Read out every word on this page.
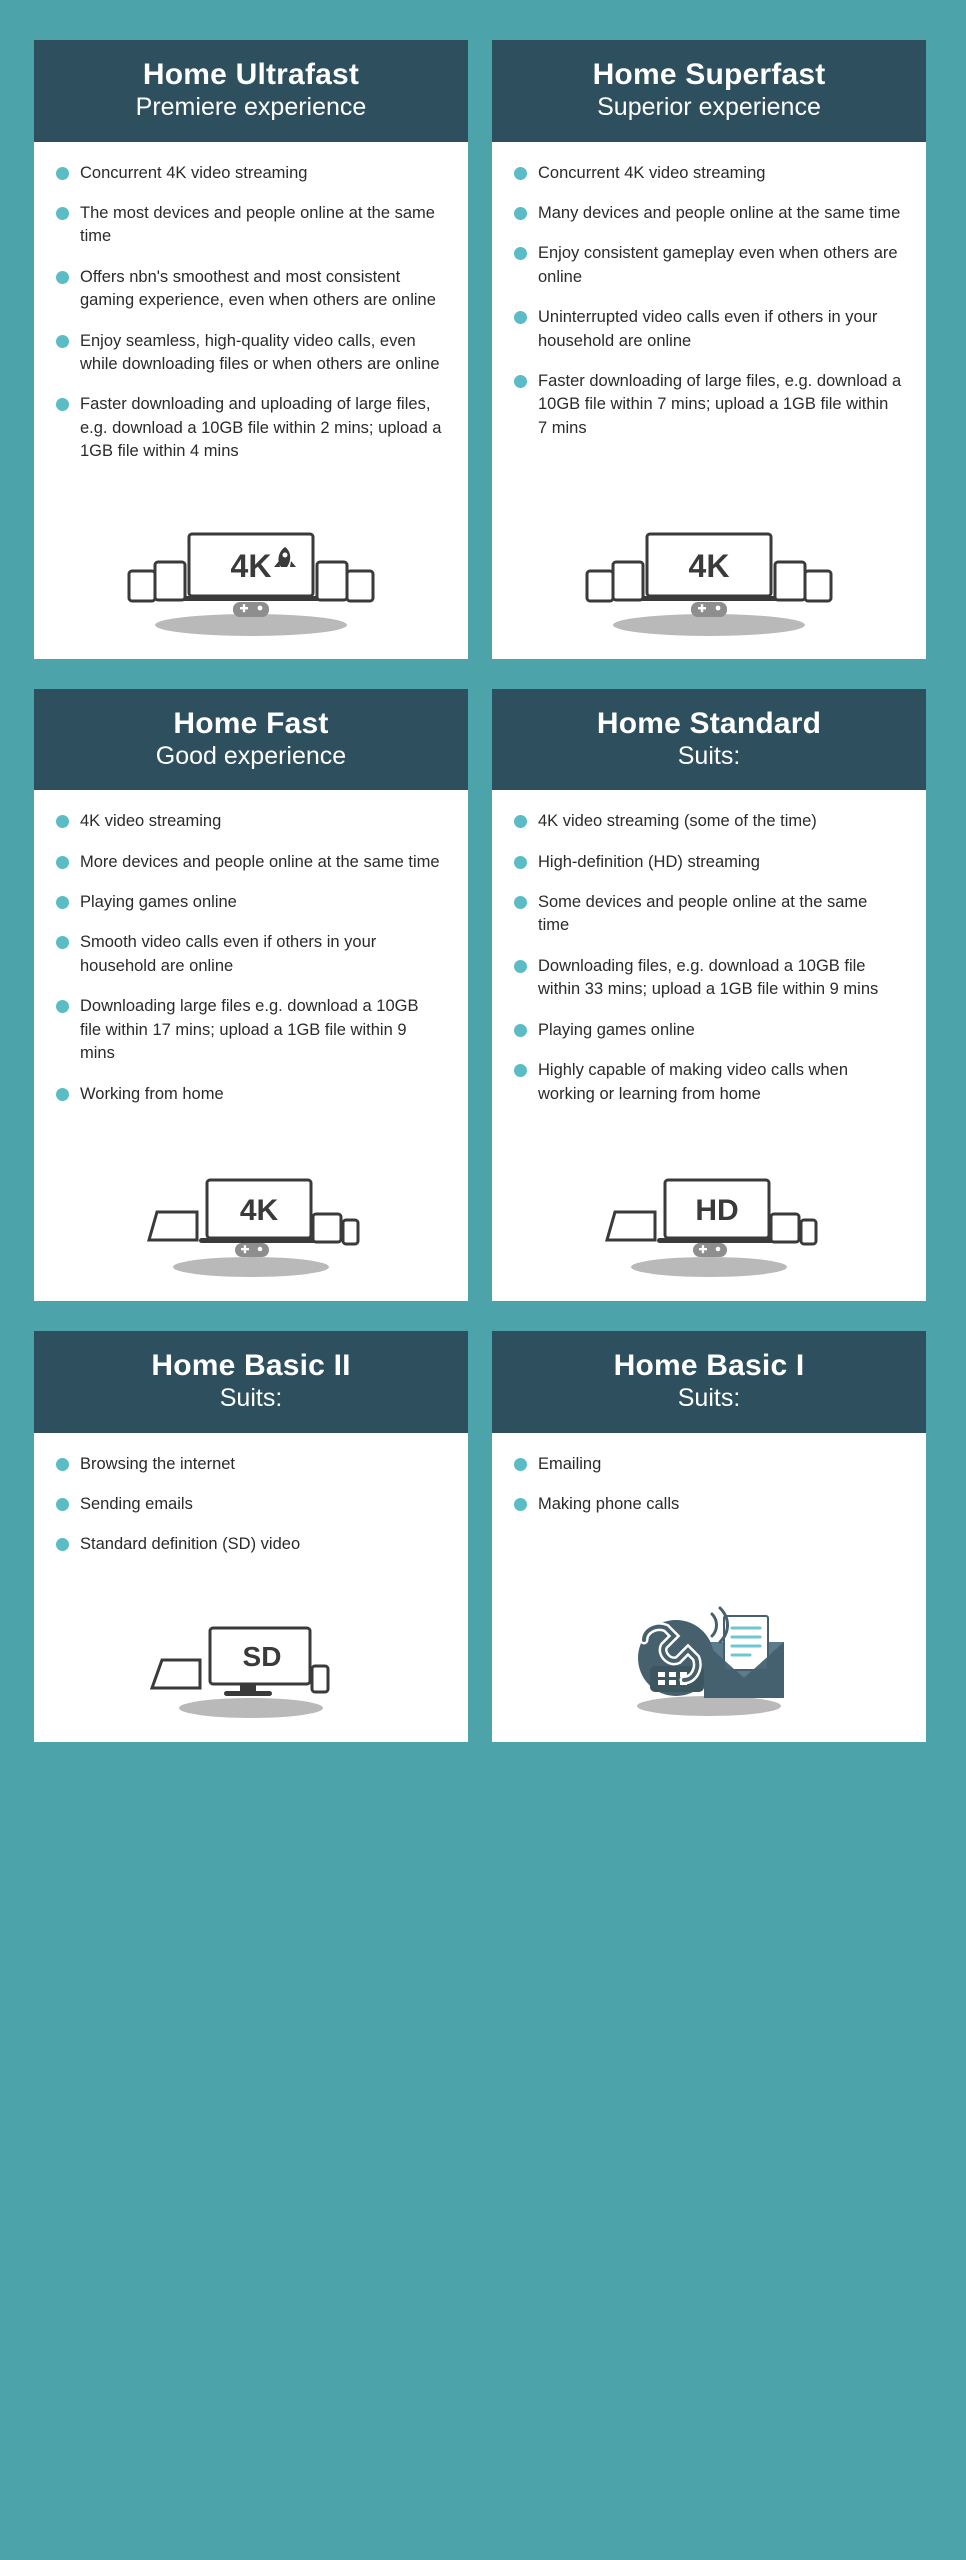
Home Ultrafast
Premiere experience
Concurrent 4K video streaming
The most devices and people online at the same time
Offers nbn's smoothest and most consistent gaming experience, even when others are online
Enjoy seamless, high-quality video calls, even while downloading files or when others are online
Faster downloading and uploading of large files, e.g. download a 10GB file within 2 mins; upload a 1GB file within 4 mins
4K
Home Superfast
Superior experience
Concurrent 4K video streaming
Many devices and people online at the same time
Enjoy consistent gameplay even when others are online
Uninterrupted video calls even if others in your household are online
Faster downloading of large files, e.g. download a 10GB file within 7 mins; upload a 1GB file within 7 mins
4K
Home Fast
Good experience
4K video streaming
More devices and people online at the same time
Playing games online
Smooth video calls even if others in your household are online
Downloading large files e.g. download a 10GB file within 17 mins; upload a 1GB file within 9 mins
Working from home
4K
Home Standard
Suits:
4K video streaming (some of the time)
High-definition (HD) streaming
Some devices and people online at the same time
Downloading files, e.g. download a 10GB file within 33 mins; upload a 1GB file within 9 mins
Playing games online
Highly capable of making video calls when working or learning from home
HD
Home Basic II
Suits:
Browsing the internet
Sending emails
Standard definition (SD) video
SD
Home Basic I
Suits:
Emailing
Making phone calls
